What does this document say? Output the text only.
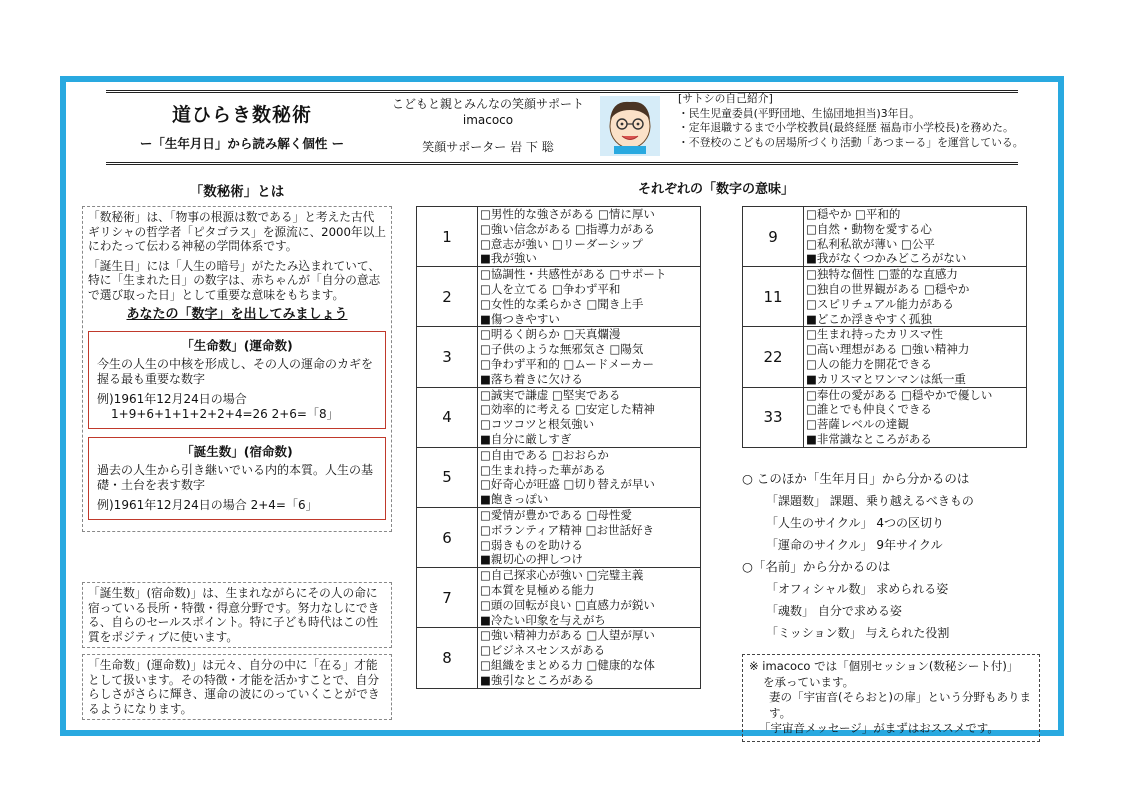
道ひらき数秘術
ー「生年月日」から読み解く個性 ー
こどもと親とみんなの笑顔サポート
imacoco
笑顔サポーター 岩 下 聡
[サトシの自己紹介]
・民生児童委員(平野団地、生協団地担当)3年目。
・定年退職するまで小学校教員(最終経歴 福島市小学校長)を務めた。
・不登校のこどもの居場所づくり活動「あつまーる」を運営している。
「数秘術」とは

「数秘術」は、「物事の根源は数である」と考えた古代ギリシャの哲学者「ピタゴラス」を源流に、2000年以上にわたって伝わる神秘の学問体系です。

「誕生日」には「人生の暗号」がたたみ込まれていて、特に「生まれた日」の数字は、赤ちゃんが「自分の意志で選び取った日」として重要な意味をもちます。

あなたの「数字」を出してみましょう
「生命数」(運命数)
今生の人生の中核を形成し、その人の運命のカギを握る最も重要な数字
例)1961年12月24日の場合
1+9+6+1+1+2+2+4=26 2+6=「8」
「誕生数」(宿命数)
過去の人生から引き継いでいる内的本質。人生の基礎・土台を表す数字
例)1961年12月24日の場合 2+4=「6」
「誕生数」(宿命数)」は、生まれながらにその人の命に宿っている長所・特徴・得意分野です。努力なしにできる、自らのセールスポイント。特に子ども時代はこの性質をポジティブに使います。
「生命数」(運命数)」は元々、自分の中に「在る」才能として扱います。その特徴・才能を活かすことで、自分らしさがさらに輝き、運命の波にのっていくことができるようになります。
それぞれの「数字の意味」
1	□男性的な強さがある □情に厚い
□強い信念がある □指導力がある
□意志が強い □リーダーシップ
■我が強い

2	□協調性・共感性がある □サポート
□人を立てる □争わず平和
□女性的な柔らかさ □聞き上手
■傷つきやすい

3	□明るく朗らか □天真爛漫
□子供のような無邪気さ □陽気
□争わず平和的 □ムードメーカー
■落ち着きに欠ける

4	□誠実で謙虚 □堅実である
□効率的に考える □安定した精神
□コツコツと根気強い
■自分に厳しすぎ

5	□自由である □おおらか
□生まれ持った華がある
□好奇心が旺盛 □切り替えが早い
■飽きっぽい

6	□愛情が豊かである □母性愛
□ボランティア精神 □お世話好き
□弱きものを助ける
■親切心の押しつけ

7	□自己探求心が強い □完璧主義
□本質を見極める能力
□頭の回転が良い □直感力が鋭い
■冷たい印象を与えがち

8	□強い精神力がある □人望が厚い
□ビジネスセンスがある
□組織をまとめる力 □健康的な体
■強引なところがある
9	□穏やか □平和的
□自然・動物を愛する心
□私利私欲が薄い □公平
■我がなくつかみどころがない

11	□独特な個性 □霊的な直感力
□独自の世界観がある □穏やか
□スピリチュアル能力がある
■どこか浮きやすく孤独

22	□生まれ持ったカリスマ性
□高い理想がある □強い精神力
□人の能力を開花できる
■カリスマとワンマンは紙一重

33	□奉仕の愛がある □穏やかで優しい
□誰とでも仲良くできる
□菩薩レベルの達観
■非常識なところがある
○ このほか「生年月日」から分かるのは
「課題数」 課題、乗り越えるべきもの
「人生のサイクル」 4つの区切り
「運命のサイクル」 9年サイクル
○「名前」から分かるのは
「オフィシャル数」 求められる姿
「魂数」 自分で求める姿
「ミッション数」 与えられた役割
※ imacoco では「個別セッション(数秘シート付)」
を承っています。
妻の「宇宙音(そらおと)の扉」という分野もあります。
「宇宙音メッセージ」がまずはおススメです。
